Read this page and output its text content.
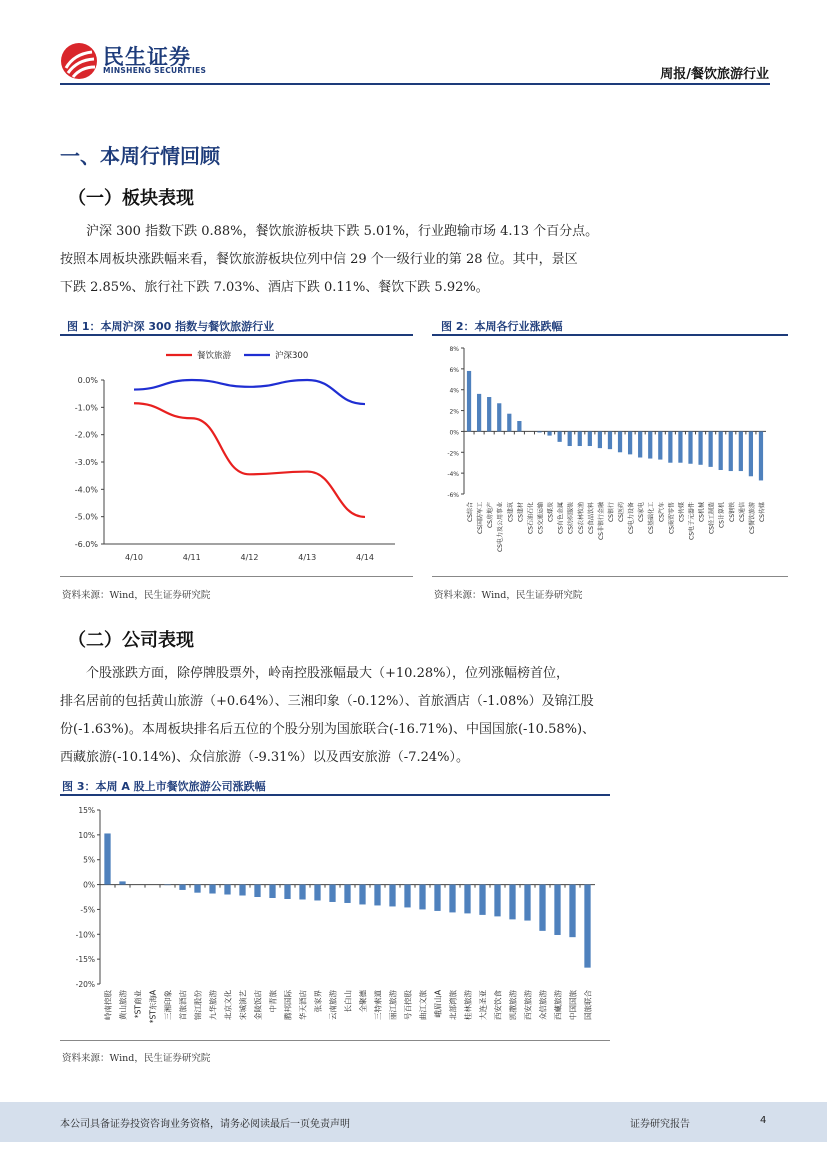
民生证券
MINSHENG SECURITIES	周报/餐饮旅游行业
一、本周行情回顾
（一）板块表现
沪深 300 指数下跌 0.88%，餐饮旅游板块下跌 5.01%，行业跑输市场 4.13 个百分点。
按照本周板块涨跌幅来看，餐饮旅游板块位列中信 29 个一级行业的第 28 位。其中，景区
下跌 2.85%、旅行社下跌 7.03%、酒店下跌 0.11%、餐饮下跌 5.92%。
图 1：本周沪深 300 指数与餐饮旅游行业
0.0%
-1.0%
-2.0%
-3.0%
-4.0%
-5.0%
-6.0%
4/10	4/11	4/12	4/13	4/14
餐饮旅游	沪深300
资料来源：Wind，民生证券研究院
图 2：本周各行业涨跌幅
8%
6%
4%
2%
0%
-2%
-4%
-6%
CS综合 CS国防军工 CS房地产 CS电力及公用事业 CS建筑 CS建材 CS石油石化 CS交通运输 CS煤炭 CS有色金属 CS纺织服装 CS农林牧渔 CS食品饮料 CS非银行金融 CS银行 CS医药 CS电力设备 CS家电 CS基础化工 CS汽车 CS商贸零售 CS传媒 CS电子元器件 CS机械 CS轻工制造 CS计算机 CS钢铁 CS通信 CS餐饮旅游 CS传媒
资料来源：Wind，民生证券研究院
（二）公司表现
个股涨跌方面，除停牌股票外，岭南控股涨幅最大（+10.28%），位列涨幅榜首位，
排名居前的包括黄山旅游（+0.64%）、三湘印象（-0.12%）、首旅酒店（-1.08%）及锦江股
份(-1.63%)。本周板块排名后五位的个股分别为国旅联合(-16.71%)、中国国旅(-10.58%)、
西藏旅游(-10.14%)、众信旅游（-9.31%）以及西安旅游（-7.24%）。
图 3：本周 A 股上市餐饮旅游公司涨跌幅
15%
10%
5%
0%
-5%
-10%
-15%
-20%
岭南控股 黄山旅游 *ST商业 *ST东海A 三湘印象 首旅酒店 锦江股份 九华旅游 北京文化 宋城演艺 金陵饭店 中青旅 腾邦国际 华天酒店 张家界 云南旅游 长白山 全聚德 三特索道 丽江旅游 号百控股 曲江文旅 峨眉山A 北部湾旅 桂林旅游 大连圣亚 西安饮食 凯撒旅游 西安旅游 众信旅游 西藏旅游 中国国旅 国旅联合
资料来源：Wind，民生证券研究院
本公司具备证券投资咨询业务资格，请务必阅读最后一页免责声明	证券研究报告	4
